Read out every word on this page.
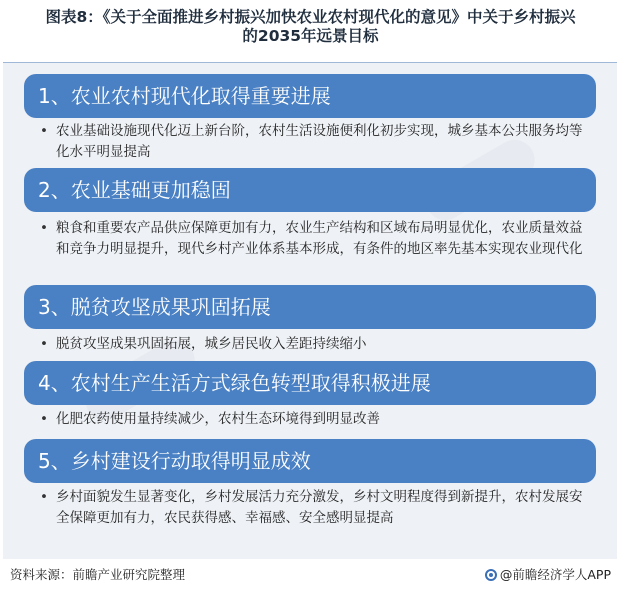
图表8：《关于全面推进乡村振兴加快农业农村现代化的意见》中关于乡村振兴
的2035年远景目标
1、农业农村现代化取得重要进展
• 农业基础设施现代化迈上新台阶，农村生活设施便利化初步实现，城乡基本公共服务均等化水平明显提高
2、农业基础更加稳固
• 粮食和重要农产品供应保障更加有力，农业生产结构和区域布局明显优化，农业质量效益和竞争力明显提升，现代乡村产业体系基本形成，有条件的地区率先基本实现农业现代化
3、脱贫攻坚成果巩固拓展
• 脱贫攻坚成果巩固拓展，城乡居民收入差距持续缩小
4、农村生产生活方式绿色转型取得积极进展
• 化肥农药使用量持续减少，农村生态环境得到明显改善
5、乡村建设行动取得明显成效
• 乡村面貌发生显著变化，乡村发展活力充分激发，乡村文明程度得到新提升，农村发展安全保障更加有力，农民获得感、幸福感、安全感明显提高
资料来源：前瞻产业研究院整理	@前瞻经济学人APP
